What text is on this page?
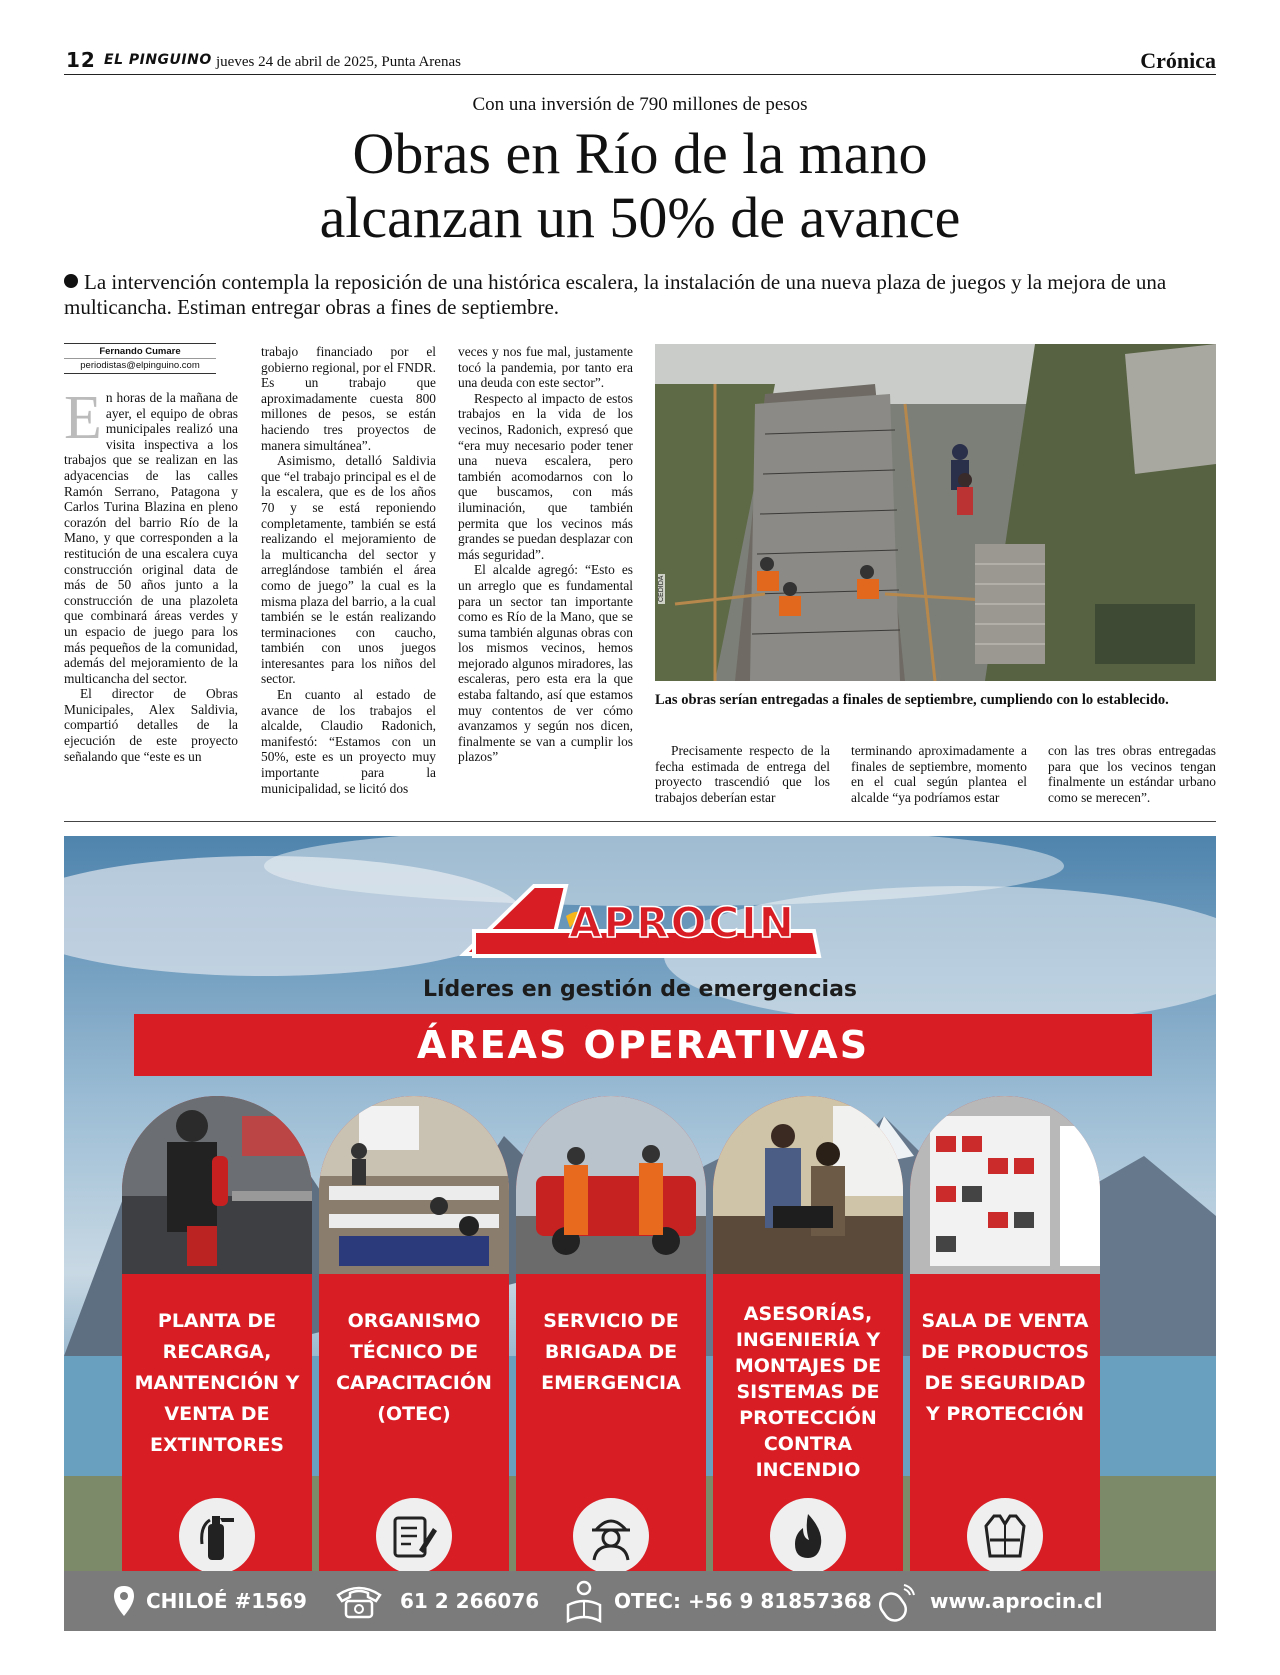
12 EL PINGUINO jueves 24 de abril de 2025, Punta Arenas	Crónica
Con una inversión de 790 millones de pesos
Obras en Río de la mano
alcanzan un 50% de avance
La intervención contempla la reposición de una histórica escalera, la instalación de una nueva plaza de juegos y la mejora de una multicancha. Estiman entregar obras a fines de septiembre.
Fernando Cumare
periodistas@elpinguino.com

En horas de la mañana de ayer, el equipo de obras municipales realizó una visita inspectiva a los trabajos que se realizan en las adyacencias de las calles Ramón Serrano, Patagona y Carlos Turina Blazina en pleno corazón del barrio Río de la Mano, y que corresponden a la restitución de una escalera cuya construcción original data de más de 50 años junto a la construcción de una plazoleta que combinará áreas verdes y un espacio de juego para los más pequeños de la comunidad, además del mejoramiento de la multicancha del sector.

El director de Obras Municipales, Alex Saldivia, compartió detalles de la ejecución de este proyecto señalando que “este es un

trabajo financiado por el gobierno regional, por el FNDR. Es un trabajo que aproximadamente cuesta 800 millones de pesos, se están haciendo tres proyectos de manera simultánea”.

Asimismo, detalló Saldivia que “el trabajo principal es el de la escalera, que es de los años 70 y se está reponiendo completamente, también se está realizando el mejoramiento de la multicancha del sector y arreglándose también el área como de juego” la cual es la misma plaza del barrio, a la cual también se le están realizando terminaciones con caucho, también con unos juegos interesantes para los niños del sector.

En cuanto al estado de avance de los trabajos el alcalde, Claudio Radonich, manifestó: “Estamos con un 50%, este es un proyecto muy importante para la municipalidad, se licitó dos

veces y nos fue mal, justamente tocó la pandemia, por tanto era una deuda con este sector”.

Respecto al impacto de estos trabajos en la vida de los vecinos, Radonich, expresó que “era muy necesario poder tener una nueva escalera, pero también acomodarnos con lo que buscamos, con más iluminación, que también permita que los vecinos más grandes se puedan desplazar con más seguridad”.

El alcalde agregó: “Esto es un arreglo que es fundamental para un sector tan importante como es Río de la Mano, que se suma también algunas obras con los mismos vecinos, hemos mejorado algunos miradores, las escaleras, pero esta era la que estaba faltando, así que estamos muy contentos de ver cómo avanzamos y según nos dicen, finalmente se van a cumplir los plazos”

CEDIDA
Las obras serían entregadas a finales de septiembre, cumpliendo con lo establecido.

Precisamente respecto de la fecha estimada de entrega del proyecto trascendió que los trabajos deberían estar

terminando aproximadamente a finales de septiembre, momento en el cual según plantea el alcalde “ya podríamos estar

con las tres obras entregadas para que los vecinos tengan finalmente un estándar urbano como se merecen”.

APROCIN
Líderes en gestión de emergencias
ÁREAS OPERATIVAS
PLANTA DE RECARGA, MANTENCIÓN Y VENTA DE EXTINTORES
ORGANISMO TÉCNICO DE CAPACITACIÓN (OTEC)
SERVICIO DE BRIGADA DE EMERGENCIA
ASESORÍAS, INGENIERÍA Y MONTAJES DE SISTEMAS DE PROTECCIÓN CONTRA INCENDIO
SALA DE VENTA DE PRODUCTOS DE SEGURIDAD Y PROTECCIÓN
CHILOÉ #1569	61 2 266076	OTEC: +56 9 81857368	www.aprocin.cl
